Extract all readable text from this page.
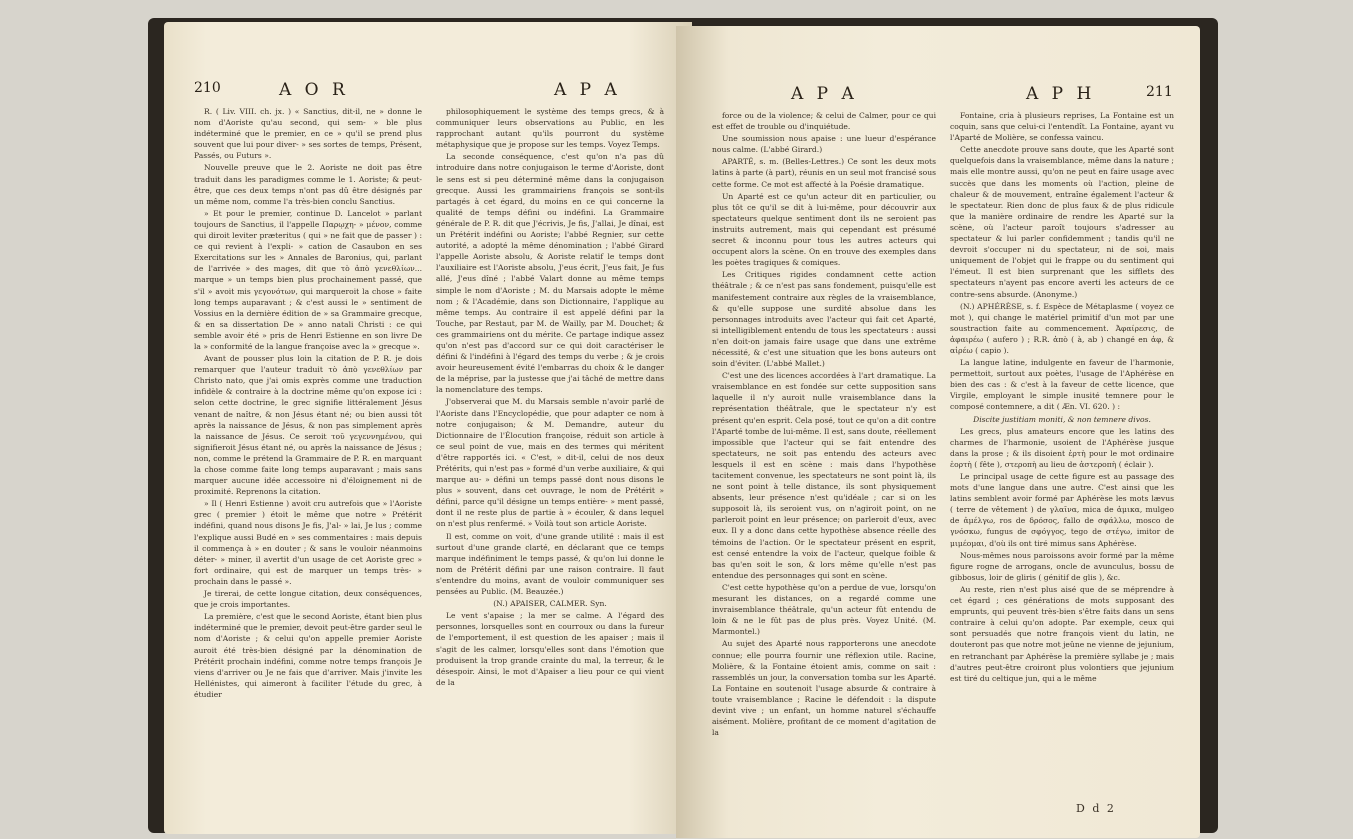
210	A O R	A P A

R. ( Liv. VIII. ch. jx. ) « Sanctius, dit-il, ne » donne le nom d'Aoriste qu'au second, qui sem- » ble plus indéterminé que le premier, en ce » qu'il se prend plus souvent que lui pour diver- » ses sortes de temps, Présent, Passés, ou Futurs ».

Nouvelle preuve que le 2. Aoriste ne doit pas être traduit dans les paradigmes comme le 1. Aoriste; & peut-être, que ces deux temps n'ont pas dû être désignés par un même nom, comme l'a très-bien conclu Sanctius.

» Et pour le premier, continue D. Lancelot » parlant toujours de Sanctius, il l'appelle Παρῳχη- » μένον, comme qui diroit leviter præteritus ( qui » ne fait que de passer ) : ce qui revient à l'expli- » cation de Casaubon en ses Exercitations sur les » Annales de Baronius, qui, parlant de l'arrivée » des mages, dit que τὸ ἀπὸ γενεθλίων... marque » un temps bien plus prochainement passé, que s'il » avoit mis γεγονότων, qui marqueroit la chose » faite long temps auparavant ; & c'est aussi le » sentiment de Vossius en la dernière édition de » sa Grammaire grecque, & en sa dissertation De » anno natali Christi : ce qui semble avoir été » pris de Henri Estienne en son livre De la » conformité de la langue françoise avec la » grecque ».

Avant de pousser plus loin la citation de P. R. je dois remarquer que l'auteur traduit τὸ ἀπὸ γενεθλίων par Christo nato, que j'ai omis exprès comme une traduction infidèle & contraire à la doctrine même qu'on expose ici : selon cette doctrine, le grec signifie littéralement Jésus venant de naître, & non Jésus étant né; ou bien aussi tôt après la naissance de Jésus, & non pas simplement après la naissance de Jésus. Ce seroit τοῦ γεγεννημένου, qui signifieroit Jésus étant né, ou après la naissance de Jésus ; non, comme le prétend la Grammaire de P. R. en marquant la chose comme faite long temps auparavant ; mais sans marquer aucune idée accessoire ni d'éloignement ni de proximité. Reprenons la citation.

» Il ( Henri Estienne ) avoit cru autrefois que » l'Aoriste grec ( premier ) étoit le même que notre » Prétérit indéfini, quand nous disons Je fis, J'al- » lai, Je lus ; comme l'explique aussi Budé en » ses commentaires : mais depuis il commença à » en douter ; & sans le vouloir néanmoins déter- » miner, il avertit d'un usage de cet Aoriste grec » fort ordinaire, qui est de marquer un temps très- » prochain dans le passé ».

Je tirerai, de cette longue citation, deux conséquences, que je crois importantes.

La première, c'est que le second Aoriste, étant bien plus indéterminé que le premier, devoit peut-être garder seul le nom d'Aoriste ; & celui qu'on appelle premier Aoriste auroit été très-bien désigné par la dénomination de Prétérit prochain indéfini, comme notre temps françois Je viens d'arriver ou Je ne fais que d'arriver. Mais j'invite les Hellénistes, qui aimeront à faciliter l'étude du grec, à étudier

philosophiquement le système des temps grecs, & à communiquer leurs observations au Public, en les rapprochant autant qu'ils pourront du système métaphysique que je propose sur les temps. Voyez Temps.

La seconde conséquence, c'est qu'on n'a pas dû introduire dans notre conjugaison le terme d'Aoriste, dont le sens est si peu déterminé même dans la conjugaison grecque. Aussi les grammairiens françois se sont-ils partagés à cet égard, du moins en ce qui concerne la qualité de temps défini ou indéfini. La Grammaire générale de P. R. dit que J'écrivis, Je fis, J'allai, Je dînai, est un Prétérit indéfini ou Aoriste; l'abbé Regnier, sur cette autorité, a adopté la même dénomination ; l'abbé Girard l'appelle Aoriste absolu, & Aoriste relatif le temps dont l'auxiliaire est l'Aoriste absolu, J'eus écrit, J'eus fait, Je fus allé, J'eus dîné ; l'abbé Valart donne au même temps simple le nom d'Aoriste ; M. du Marsais adopte le même nom ; & l'Académie, dans son Dictionnaire, l'applique au même temps. Au contraire il est appelé défini par la Touche, par Restaut, par M. de Wailly, par M. Douchet; & ces grammairiens ont du mérite. Ce partage indique assez qu'on n'est pas d'accord sur ce qui doit caractériser le défini & l'indéfini à l'égard des temps du verbe ; & je crois avoir heureusement évité l'embarras du choix & le danger de la méprise, par la justesse que j'ai tâché de mettre dans la nomenclature des temps.

J'observerai que M. du Marsais semble n'avoir parlé de l'Aoriste dans l'Encyclopédie, que pour adapter ce nom à notre conjugaison; & M. Demandre, auteur du Dictionnaire de l'Élocution françoise, réduit son article à ce seul point de vue, mais en des termes qui méritent d'être rapportés ici. « C'est, » dit-il, celui de nos deux Prétérits, qui n'est pas » formé d'un verbe auxiliaire, & qui marque au- » défini un temps passé dont nous disons le plus » souvent, dans cet ouvrage, le nom de Prétérit » défini, parce qu'il désigne un temps entière- » ment passé, dont il ne reste plus de partie à » écouler, & dans lequel on n'est plus renfermé. » Voilà tout son article Aoriste.

Il est, comme on voit, d'une grande utilité : mais il est surtout d'une grande clarté, en déclarant que ce temps marque indéfiniment le temps passé, & qu'on lui donne le nom de Prétérit défini par une raison contraire. Il faut s'entendre du moins, avant de vouloir communiquer ses pensées au Public. (M. Beauzée.)

(N.) APAISER, CALMER. Syn.

Le vent s'apaise ; la mer se calme. A l'égard des personnes, lorsquelles sont en courroux ou dans la fureur de l'emportement, il est question de les apaiser ; mais il s'agit de les calmer, lorsqu'elles sont dans l'émotion que produisent la trop grande crainte du mal, la terreur, & le désespoir. Ainsi, le mot d'Apaiser a lieu pour ce qui vient de la

A P A	A P H	211

force ou de la violence; & celui de Calmer, pour ce qui est effet de trouble ou d'inquiétude.

Une soumission nous apaise : une lueur d'espérance nous calme. (L'abbé Girard.)

APARTÉ, s. m. (Belles-Lettres.) Ce sont les deux mots latins à parte (à part), réunis en un seul mot francisé sous cette forme. Ce mot est affecté à la Poésie dramatique.

Un Aparté est ce qu'un acteur dit en particulier, ou plus tôt ce qu'il se dit à lui-même, pour découvrir aux spectateurs quelque sentiment dont ils ne seroient pas instruits autrement, mais qui cependant est présumé secret & inconnu pour tous les autres acteurs qui occupent alors la scène. On en trouve des exemples dans les poètes tragiques & comiques.

Les Critiques rigides condamnent cette action théâtrale ; & ce n'est pas sans fondement, puisqu'elle est manifestement contraire aux règles de la vraisemblance, & qu'elle suppose une surdité absolue dans les personnages introduits avec l'acteur qui fait cet Aparté, si intelligiblement entendu de tous les spectateurs : aussi n'en doit-on jamais faire usage que dans une extrême nécessité, & c'est une situation que les bons auteurs ont soin d'éviter. (L'abbé Mallet.)

C'est une des licences accordées à l'art dramatique. La vraisemblance en est fondée sur cette supposition sans laquelle il n'y auroit nulle vraisemblance dans la représentation théâtrale, que le spectateur n'y est présent qu'en esprit. Cela posé, tout ce qu'on a dit contre l'Aparté tombe de lui-même. Il est, sans doute, réellement impossible que l'acteur qui se fait entendre des spectateurs, ne soit pas entendu des acteurs avec lesquels il est en scène : mais dans l'hypothèse tacitement convenue, les spectateurs ne sont point là, ils ne sont point à telle distance, ils sont physiquement absents, leur présence n'est qu'idéale ; car si on les supposoit là, ils seroient vus, on n'agiroit point, on ne parleroit point en leur présence; on parleroit d'eux, avec eux. Il y a donc dans cette hypothèse absence réelle des témoins de l'action. Or le spectateur présent en esprit, est censé entendre la voix de l'acteur, quelque foible & bas qu'en soit le son, & lors même qu'elle n'est pas entendue des personnages qui sont en scène.

C'est cette hypothèse qu'on a perdue de vue, lorsqu'on mesurant les distances, on a regardé comme une invraisemblance théâtrale, qu'un acteur fût entendu de loin & ne le fût pas de plus près. Voyez Unité. (M. Marmontel.)

Au sujet des Aparté nous rapporterons une anecdote connue; elle pourra fournir une réflexion utile. Racine, Molière, & la Fontaine étoient amis, comme on sait : rassemblés un jour, la conversation tomba sur les Aparté. La Fontaine en soutenoit l'usage absurde & contraire à toute vraisemblance ; Racine le défendoit : la dispute devint vive ; un enfant, un homme naturel s'échauffe aisément. Molière, profitant de ce moment d'agitation de la

Fontaine, cria à plusieurs reprises, La Fontaine est un coquin, sans que celui-ci l'entendît. La Fontaine, ayant vu l'Aparté de Molière, se confessa vaincu.

Cette anecdote prouve sans doute, que les Aparté sont quelquefois dans la vraisemblance, même dans la nature ; mais elle montre aussi, qu'on ne peut en faire usage avec succès que dans les moments où l'action, pleine de chaleur & de mouvement, entraîne également l'acteur & le spectateur. Rien donc de plus faux & de plus ridicule que la manière ordinaire de rendre les Aparté sur la scène, où l'acteur paroît toujours s'adresser au spectateur & lui parler confidemment ; tandis qu'il ne devroit s'occuper ni du spectateur, ni de soi, mais uniquement de l'objet qui le frappe ou du sentiment qui l'émeut. Il est bien surprenant que les sifflets des spectateurs n'ayent pas encore averti les acteurs de ce contre-sens absurde. (Anonyme.)

(N.) APHÉRÈSE, s. f. Espèce de Métaplasme ( voyez ce mot ), qui change le matériel primitif d'un mot par une soustraction faite au commencement. Ἀφαίρεσις, de ἀφαιρέω ( aufero ) ; R.R. ἀπὸ ( à, ab ) changé en ἀφ, & αἱρέω ( capio ).

La langue latine, indulgente en faveur de l'harmonie, permettoit, surtout aux poètes, l'usage de l'Aphérèse en bien des cas : & c'est à la faveur de cette licence, que Virgile, employant le simple inusité temnere pour le composé contemnere, a dit ( Æn. VI. 620. ) :

Discite justitiam moniti, & non temnere divos.

Les grecs, plus amateurs encore que les latins des charmes de l'harmonie, usoient de l'Aphérèse jusque dans la prose ; & ils disoient ἑρτὴ pour le mot ordinaire ἑορτὴ ( fête ), στεροπὴ au lieu de ἀστεροπὴ ( éclair ).

Le principal usage de cette figure est au passage des mots d'une langue dans une autre. C'est ainsi que les latins semblent avoir formé par Aphérèse les mots lævus ( terre de vêtement ) de γλαῖνα, mica de ἀμικα, mulgeo de ἀμέλγω, ros de δρόσος, fallo de σφάλλω, mosco de γνόσκω, fungus de σφόγγος, tego de στέγω, imitor de μιμέομαι, d'où ils ont tiré mimus sans Aphérèse.

Nous-mêmes nous paroissons avoir formé par la même figure rogne de arrogans, oncle de avunculus, bossu de gibbosus, loir de gliris ( génitif de glis ), &c.

Au reste, rien n'est plus aisé que de se méprendre à cet égard ; ces générations de mots supposant des emprunts, qui peuvent très-bien s'être faits dans un sens contraire à celui qu'on adopte. Par exemple, ceux qui sont persuadés que notre françois vient du latin, ne douteront pas que notre mot jeûne ne vienne de jejunium, en retranchant par Aphérèse la première syllabe je ; mais d'autres peut-être croiront plus volontiers que jejunium est tiré du celtique jun, qui a le même

D d 2
